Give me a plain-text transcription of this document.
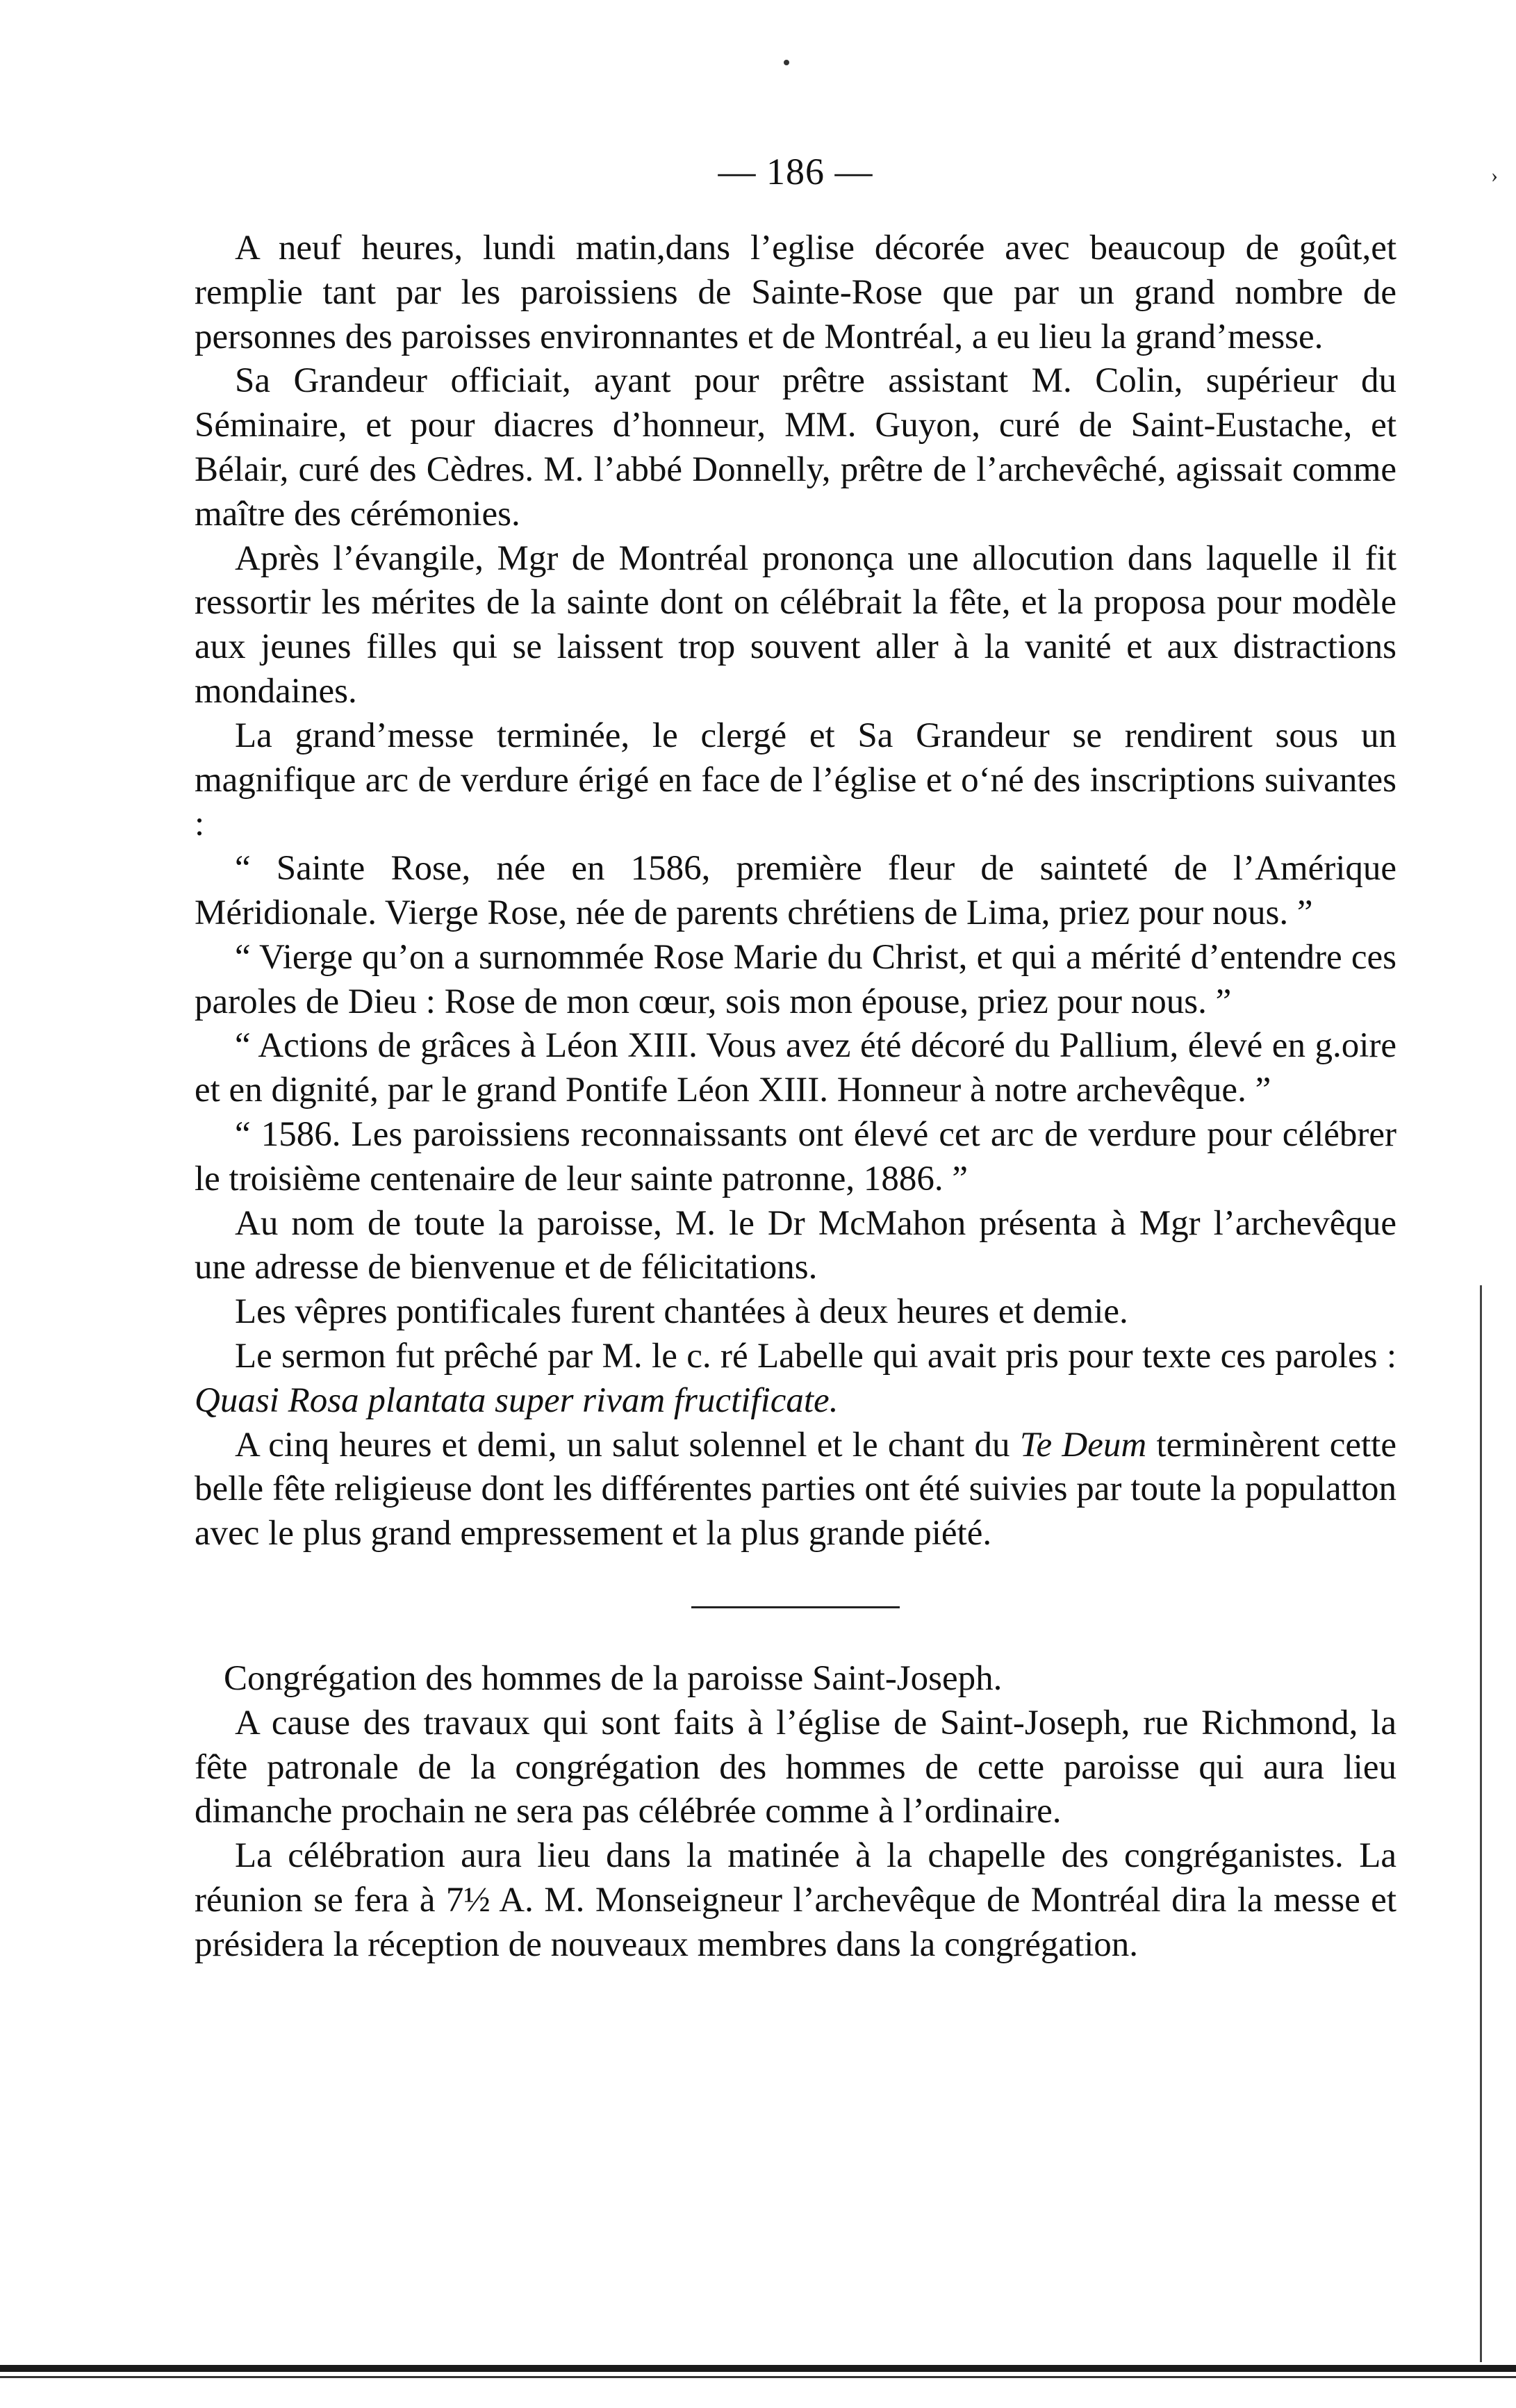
›
— 186 —

A neuf heures, lundi matin,dans l’eglise décorée avec beaucoup de goût,et remplie tant par les paroissiens de Sainte-Rose que par un grand nombre de personnes des paroisses environnantes et de Montréal, a eu lieu la grand’messe.

Sa Grandeur officiait, ayant pour prêtre assistant M. Colin, supérieur du Séminaire, et pour diacres d’honneur, MM. Guyon, curé de Saint-Eustache, et Bélair, curé des Cèdres. M. l’abbé Donnelly, prêtre de l’archevêché, agissait comme maître des cérémonies.

Après l’évangile, Mgr de Montréal prononça une allocution dans laquelle il fit ressortir les mérites de la sainte dont on célébrait la fête, et la proposa pour modèle aux jeunes filles qui se laissent trop souvent aller à la vanité et aux distractions mondaines.

La grand’messe terminée, le clergé et Sa Grandeur se rendirent sous un magnifique arc de verdure érigé en face de l’église et o‘né des inscriptions suivantes :

“ Sainte Rose, née en 1586, première fleur de sainteté de l’Amérique Méridionale. Vierge Rose, née de parents chrétiens de Lima, priez pour nous. ”

“ Vierge qu’on a surnommée Rose Marie du Christ, et qui a mérité d’entendre ces paroles de Dieu : Rose de mon cœur, sois mon épouse, priez pour nous. ”

“ Actions de grâces à Léon XIII. Vous avez été décoré du Pallium, élevé en g.oire et en dignité, par le grand Pontife Léon XIII. Honneur à notre archevêque. ”

“ 1586. Les paroissiens reconnaissants ont élevé cet arc de verdure pour célébrer le troisième centenaire de leur sainte patronne, 1886. ”

Au nom de toute la paroisse, M. le Dr McMahon présenta à Mgr l’archevêque une adresse de bienvenue et de félicitations.

Les vêpres pontificales furent chantées à deux heures et demie.

Le sermon fut prêché par M. le c. ré Labelle qui avait pris pour texte ces paroles : Quasi Rosa plantata super rivam fructificate.

A cinq heures et demi, un salut solennel et le chant du Te Deum terminèrent cette belle fête religieuse dont les différentes parties ont été suivies par toute la populatton avec le plus grand empressement et la plus grande piété.

Congrégation des hommes de la paroisse Saint-Joseph.

A cause des travaux qui sont faits à l’église de Saint-Joseph, rue Richmond, la fête patronale de la congrégation des hommes de cette paroisse qui aura lieu dimanche prochain ne sera pas célébrée comme à l’ordinaire.

La célébration aura lieu dans la matinée à la chapelle des congréganistes. La réunion se fera à 7½ A. M. Monseigneur l’archevêque de Montréal dira la messe et présidera la réception de nouveaux membres dans la congrégation.
